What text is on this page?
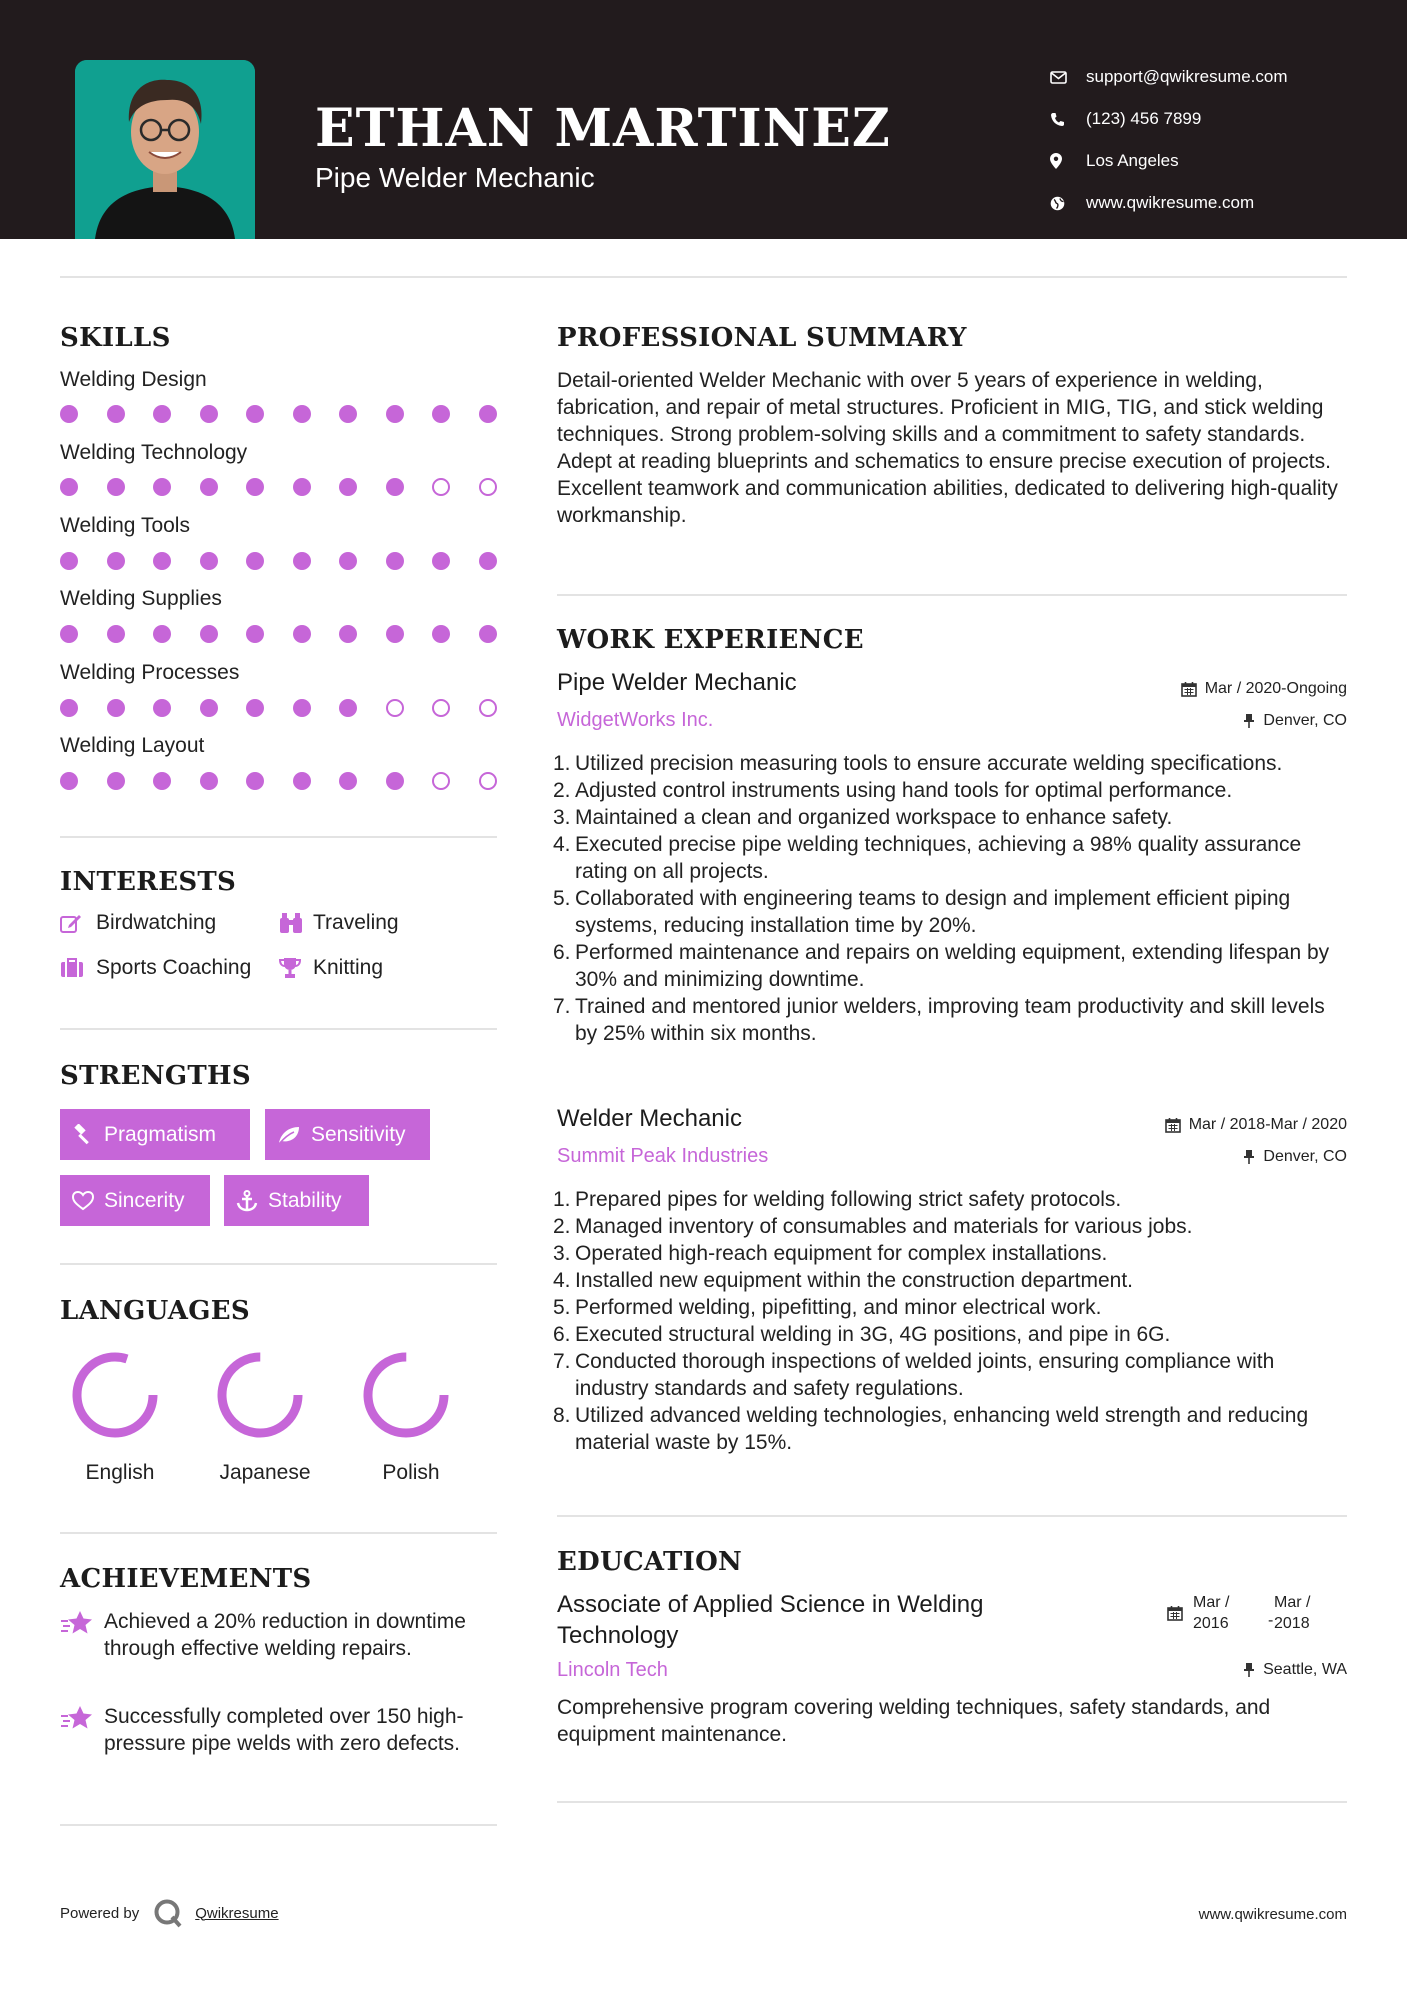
ETHAN MARTINEZ
Pipe Welder Mechanic
support@qwikresume.com
(123) 456 7899
Los Angeles
www.qwikresume.com
SKILLS
Welding Design
Welding Technology
Welding Tools
Welding Supplies
Welding Processes
Welding Layout
INTERESTS
Birdwatching	Traveling
Sports Coaching	Knitting
STRENGTHS
Pragmatism	Sensitivity
Sincerity	Stability
LANGUAGES
English	Japanese	Polish
ACHIEVEMENTS
Achieved a 20% reduction in downtime through effective welding repairs.
Successfully completed over 150 high-pressure pipe welds with zero defects.
PROFESSIONAL SUMMARY
Detail-oriented Welder Mechanic with over 5 years of experience in welding, fabrication, and repair of metal structures. Proficient in MIG, TIG, and stick welding techniques. Strong problem-solving skills and a commitment to safety standards. Adept at reading blueprints and schematics to ensure precise execution of projects. Excellent teamwork and communication abilities, dedicated to delivering high-quality workmanship.
WORK EXPERIENCE
Pipe Welder Mechanic	Mar / 2020-Ongoing
WidgetWorks Inc.	Denver, CO
1. Utilized precision measuring tools to ensure accurate welding specifications.
2. Adjusted control instruments using hand tools for optimal performance.
3. Maintained a clean and organized workspace to enhance safety.
4. Executed precise pipe welding techniques, achieving a 98% quality assurance rating on all projects.
5. Collaborated with engineering teams to design and implement efficient piping systems, reducing installation time by 20%.
6. Performed maintenance and repairs on welding equipment, extending lifespan by 30% and minimizing downtime.
7. Trained and mentored junior welders, improving team productivity and skill levels by 25% within six months.
Welder Mechanic	Mar / 2018-Mar / 2020
Summit Peak Industries	Denver, CO
1. Prepared pipes for welding following strict safety protocols.
2. Managed inventory of consumables and materials for various jobs.
3. Operated high-reach equipment for complex installations.
4. Installed new equipment within the construction department.
5. Performed welding, pipefitting, and minor electrical work.
6. Executed structural welding in 3G, 4G positions, and pipe in 6G.
7. Conducted thorough inspections of welded joints, ensuring compliance with industry standards and safety regulations.
8. Utilized advanced welding technologies, enhancing weld strength and reducing material waste by 15%.
EDUCATION
Associate of Applied Science in Welding
Technology
Mar /
2016 -
Mar /
2018
Lincoln Tech	Seattle, WA
Comprehensive program covering welding techniques, safety standards, and equipment maintenance.
Powered by	Qwikresume	www.qwikresume.com
